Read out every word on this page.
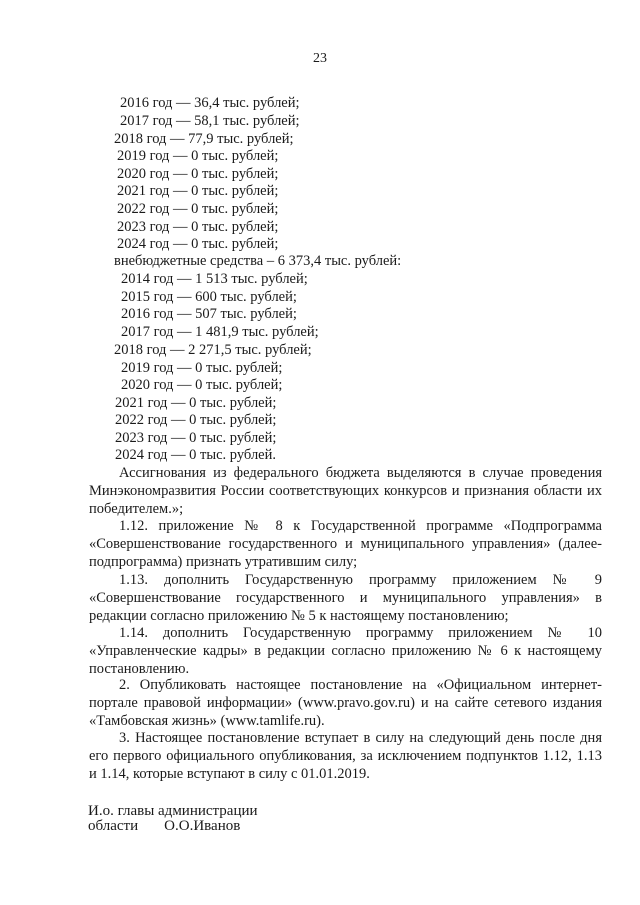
23
2016 год — 36,4 тыс. рублей;
2017 год — 58,1 тыс. рублей;
2018 год — 77,9 тыс. рублей;
2019 год — 0 тыс. рублей;
2020 год — 0 тыс. рублей;
2021 год — 0 тыс. рублей;
2022 год — 0 тыс. рублей;
2023 год — 0 тыс. рублей;
2024 год — 0 тыс. рублей;
внебюджетные средства – 6 373,4 тыс. рублей:
2014 год — 1 513 тыс. рублей;
2015 год — 600 тыс. рублей;
2016 год — 507 тыс. рублей;
2017 год — 1 481,9 тыс. рублей;
2018 год — 2 271,5 тыс. рублей;
2019 год — 0 тыс. рублей;
2020 год — 0 тыс. рублей;
2021 год — 0 тыс. рублей;
2022 год — 0 тыс. рублей;
2023 год — 0 тыс. рублей;
2024 год — 0 тыс. рублей.
Ассигнования из федерального бюджета выделяются в случае проведения Минэкономразвития России соответствующих конкурсов и признания области их победителем.»;
1.12. приложение № 8 к Государственной программе «Подпрограмма «Совершенствование государственного и муниципального управления» (далее-подпрограмма) признать утратившим силу;
1.13. дополнить Государственную программу приложением № 9 «Совершенствование государственного и муниципального управления» в редакции согласно приложению № 5 к настоящему постановлению;
1.14. дополнить Государственную программу приложением № 10 «Управленческие кадры» в редакции согласно приложению № 6 к настоящему постановлению.
2. Опубликовать настоящее постановление на «Официальном интернет-портале правовой информации» (www.pravo.gov.ru) и на сайте сетевого издания «Тамбовская жизнь» (www.tamlife.ru).
3. Настоящее постановление вступает в силу на следующий день после дня его первого официального опубликования, за исключением подпунктов 1.12, 1.13 и 1.14, которые вступают в силу с 01.01.2019.
И.о. главы администрации
области О.О.Иванов
